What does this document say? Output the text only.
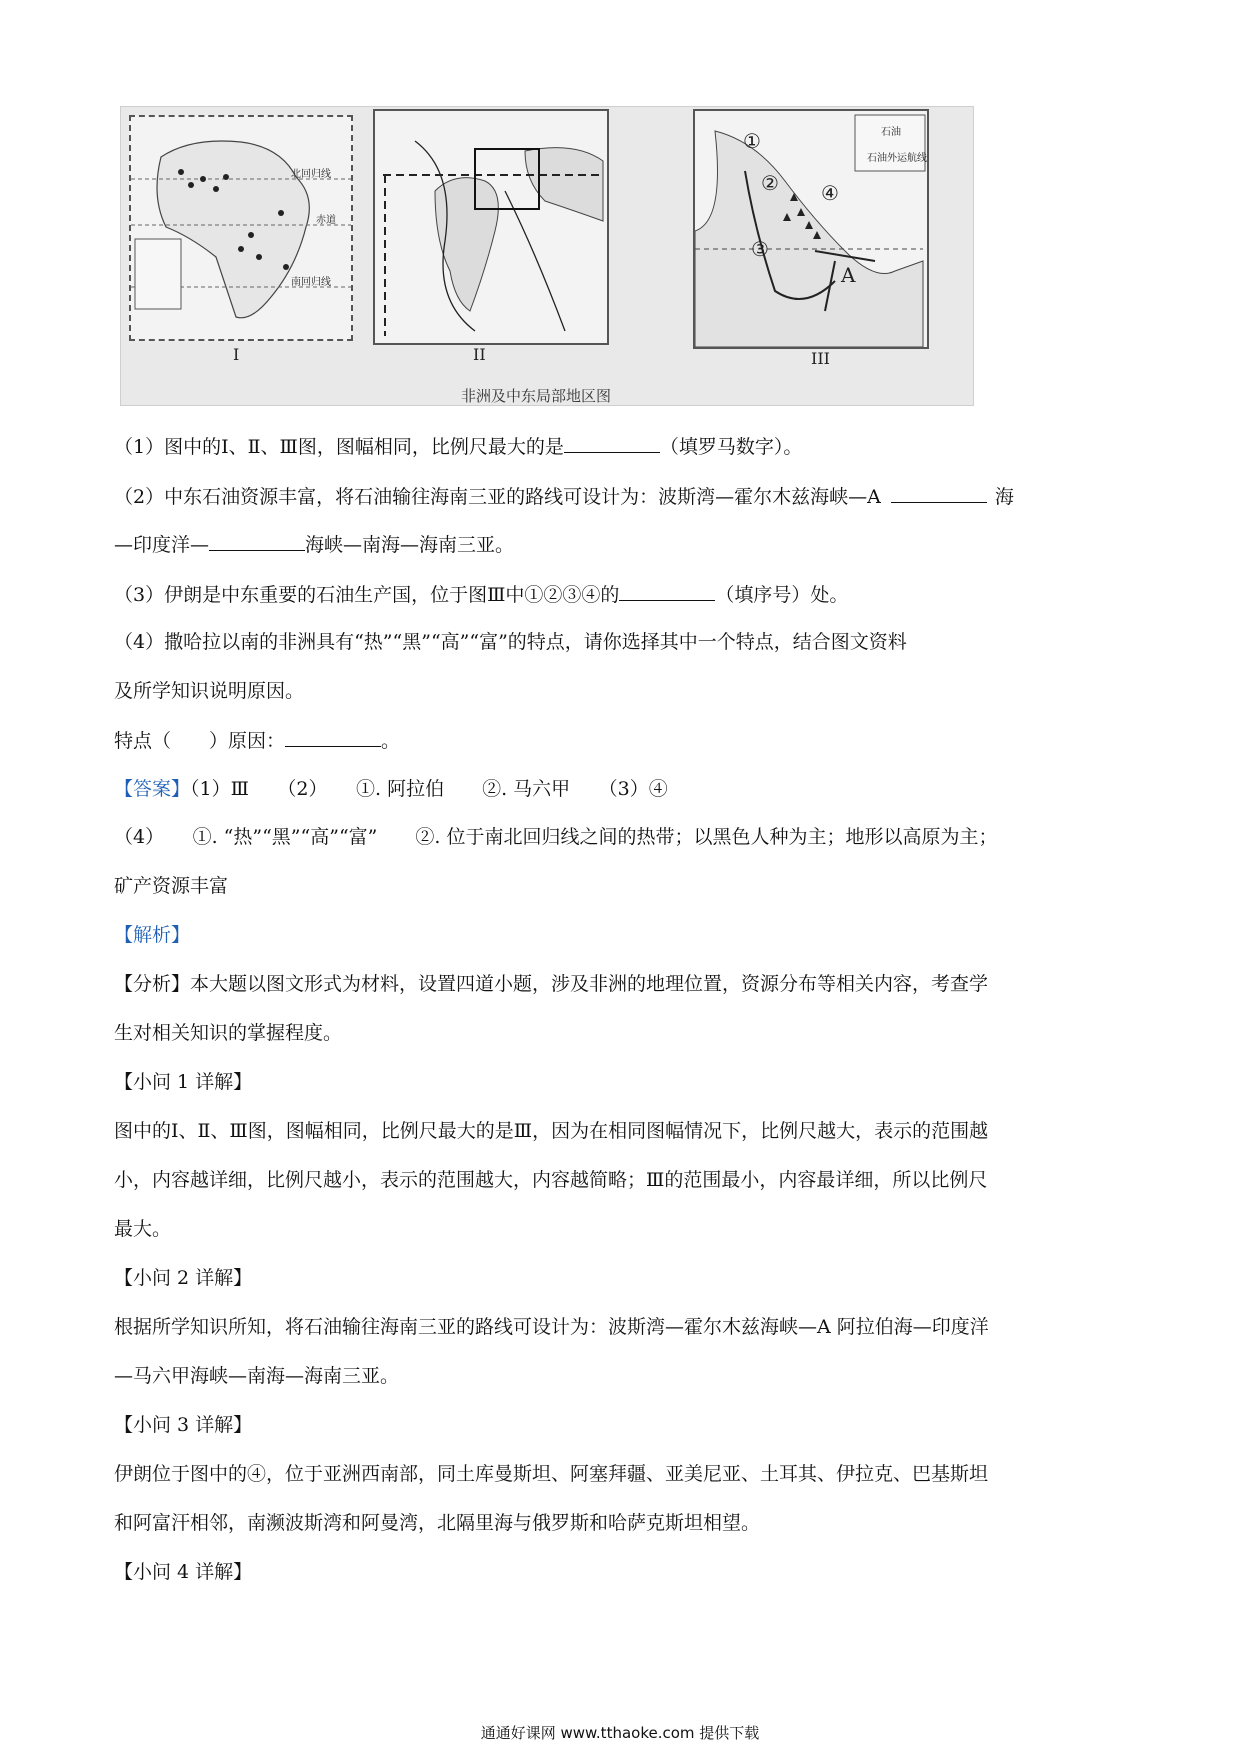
北回归线
赤道
南回归线
I	II
石油
石油外运航线
①
②
③
④
A
III
非洲及中东局部地区图
（1）图中的Ⅰ、Ⅱ、Ⅲ图，图幅相同，比例尺最大的是	（填罗马数字）。
（2）中东石油资源丰富，将石油输往海南三亚的路线可设计为：波斯湾—霍尔木兹海峡—A	海
—印度洋—	海峡—南海—海南三亚。
（3）伊朗是中东重要的石油生产国，位于图Ⅲ中①②③④的	（填序号）处。
（4）撒哈拉以南的非洲具有“热”“黑”“高”“富”的特点，请你选择其中一个特点，结合图文资料
及所学知识说明原因。
特点（　　）原因：	。
【答案】（1）Ⅲ　　（2）　　①. 阿拉伯　　②. 马六甲　　（3）④
（4）　　①. “热”“黑”“高”“富”　　②. 位于南北回归线之间的热带；以黑色人种为主；地形以高原为主；
矿产资源丰富
【解析】
【分析】本大题以图文形式为材料，设置四道小题，涉及非洲的地理位置，资源分布等相关内容，考查学
生对相关知识的掌握程度。
【小问 1 详解】
图中的Ⅰ、Ⅱ、Ⅲ图，图幅相同，比例尺最大的是Ⅲ，因为在相同图幅情况下，比例尺越大，表示的范围越
小，内容越详细，比例尺越小，表示的范围越大，内容越简略；Ⅲ的范围最小，内容最详细，所以比例尺
最大。
【小问 2 详解】
根据所学知识所知，将石油输往海南三亚的路线可设计为：波斯湾—霍尔木兹海峡—A 阿拉伯海—印度洋
—马六甲海峡—南海—海南三亚。
【小问 3 详解】
伊朗位于图中的④，位于亚洲西南部，同土库曼斯坦、阿塞拜疆、亚美尼亚、土耳其、伊拉克、巴基斯坦
和阿富汗相邻，南濒波斯湾和阿曼湾，北隔里海与俄罗斯和哈萨克斯坦相望。
【小问 4 详解】
通通好课网 www.tthaoke.com 提供下载
